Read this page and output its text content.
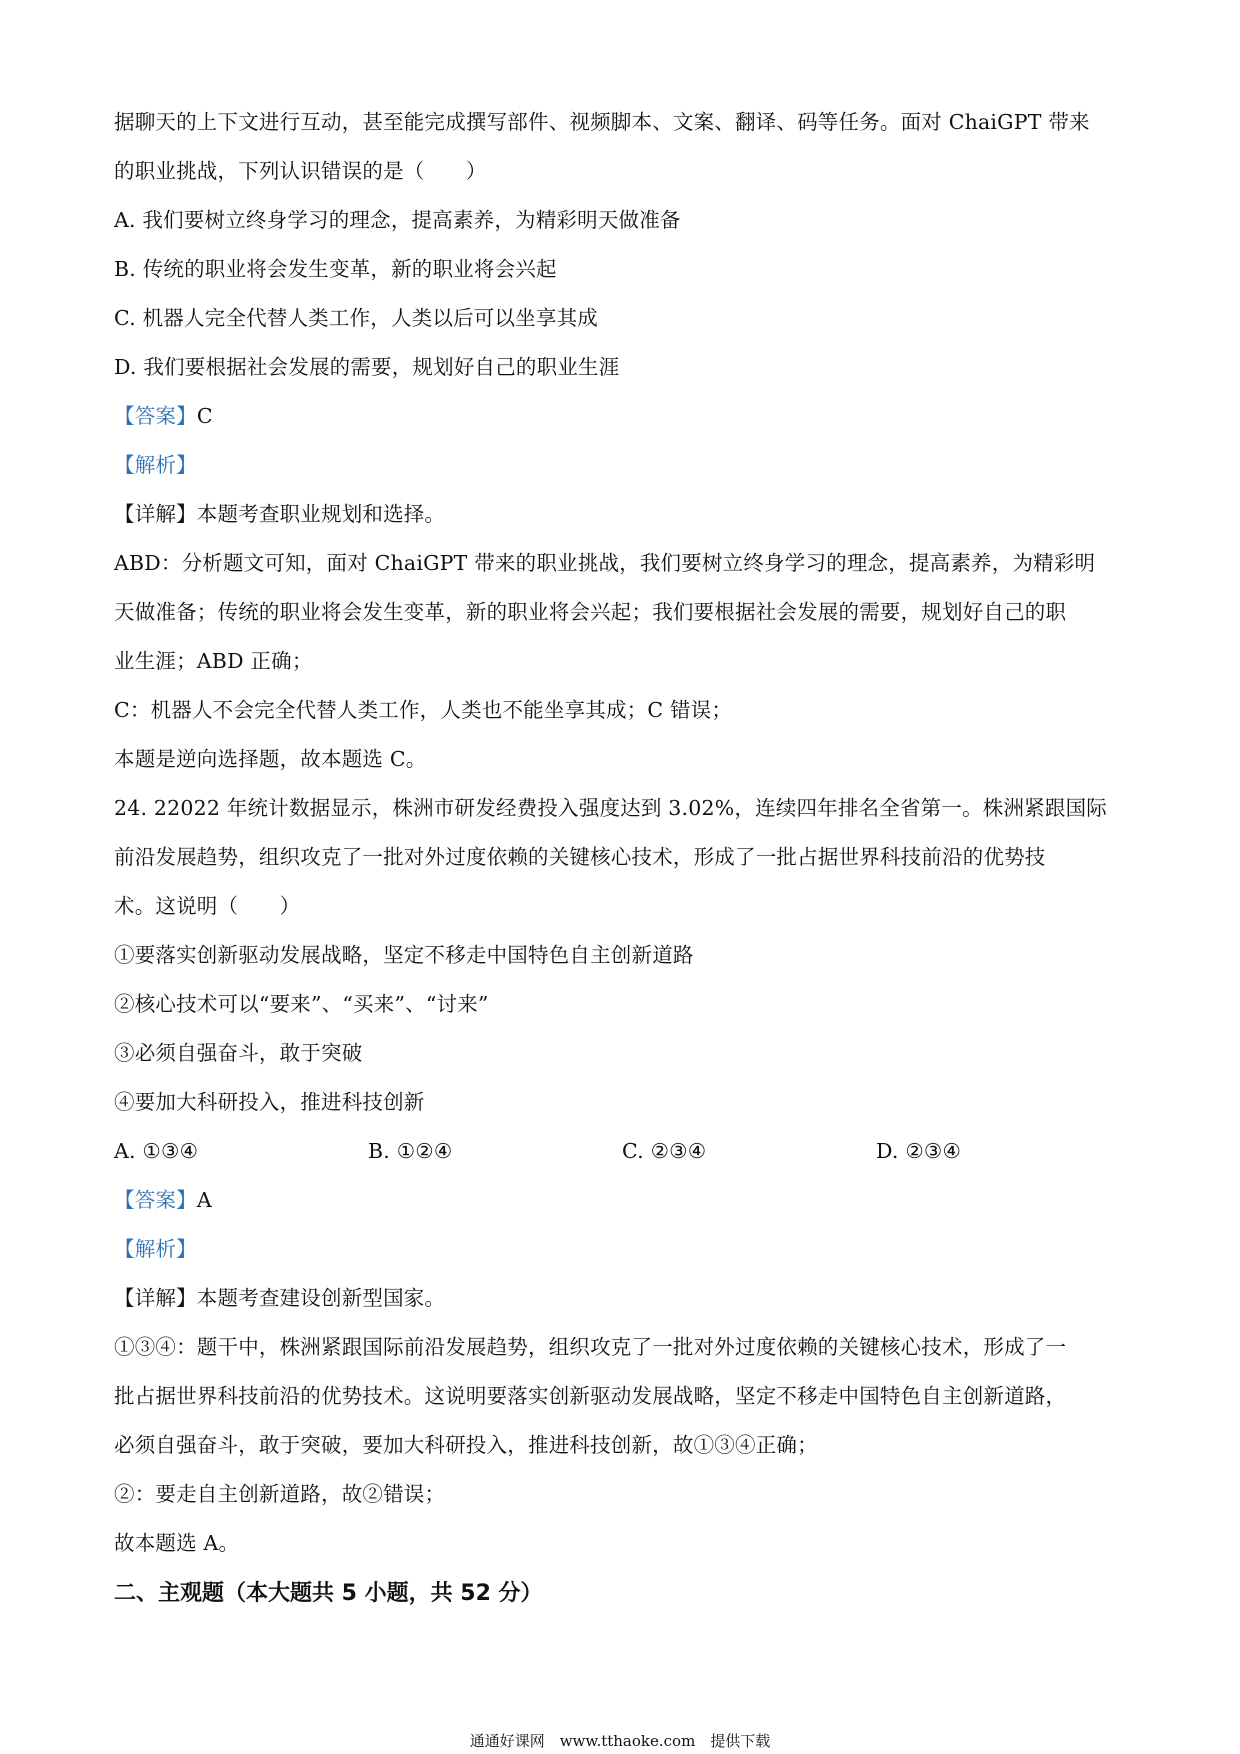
据聊天的上下文进行互动，甚至能完成撰写部件、视频脚本、文案、翻译、码等任务。面对 ChaiGPT 带来
的职业挑战，下列认识错误的是（　　）
A. 我们要树立终身学习的理念，提高素养，为精彩明天做准备
B. 传统的职业将会发生变革，新的职业将会兴起
C. 机器人完全代替人类工作，人类以后可以坐享其成
D. 我们要根据社会发展的需要，规划好自己的职业生涯
【答案】C
【解析】
【详解】本题考查职业规划和选择。
ABD：分析题文可知，面对 ChaiGPT 带来的职业挑战，我们要树立终身学习的理念，提高素养，为精彩明
天做准备；传统的职业将会发生变革，新的职业将会兴起；我们要根据社会发展的需要，规划好自己的职
业生涯；ABD 正确；
C：机器人不会完全代替人类工作，人类也不能坐享其成；C 错误；
本题是逆向选择题，故本题选 C。
24. 22022 年统计数据显示，株洲市研发经费投入强度达到 3.02%，连续四年排名全省第一。株洲紧跟国际
前沿发展趋势，组织攻克了一批对外过度依赖的关键核心技术，形成了一批占据世界科技前沿的优势技
术。这说明（　　）
①要落实创新驱动发展战略，坚定不移走中国特色自主创新道路
②核心技术可以“要来”、“买来”、“讨来”
③必须自强奋斗，敢于突破
④要加大科研投入，推进科技创新
A. ①③④	B. ①②④	C. ②③④	D. ②③④
【答案】A
【解析】
【详解】本题考查建设创新型国家。
①③④：题干中，株洲紧跟国际前沿发展趋势，组织攻克了一批对外过度依赖的关键核心技术，形成了一
批占据世界科技前沿的优势技术。这说明要落实创新驱动发展战略，坚定不移走中国特色自主创新道路，
必须自强奋斗，敢于突破，要加大科研投入，推进科技创新，故①③④正确；
②：要走自主创新道路，故②错误；
故本题选 A。
二、主观题（本大题共 5 小题，共 52 分）
通通好课网　www.tthaoke.com　提供下载
